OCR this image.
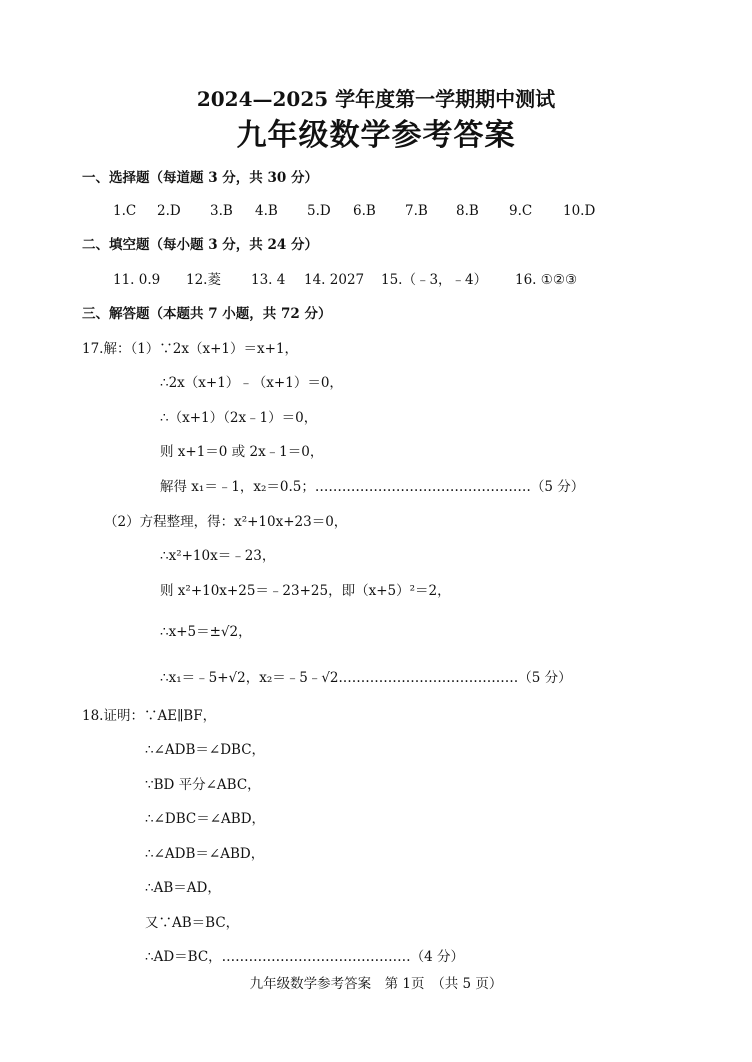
2024—2025 学年度第一学期期中测试
九年级数学参考答案
一、选择题（每道题 3 分，共 30 分）
1.C 2.D 3.B 4.B 5.D 6.B 7.B 8.B 9.C 10.D
二、填空题（每小题 3 分，共 24 分）
11. 0.9 12.菱 13. 4 14. 2027 15.（﹣3，﹣4） 16. ①②③
三、解答题（本题共 7 小题，共 72 分）
17.解：（1）∵2x（x+1）＝x+1，
∴2x（x+1）﹣（x+1）＝0，
∴（x+1）（2x﹣1）＝0，
则 x+1＝0 或 2x﹣1＝0，
解得 x₁＝﹣1，x₂＝0.5；…………………………………………（5 分）
（2）方程整理，得：x²+10x+23＝0，
∴x²+10x＝﹣23，
则 x²+10x+25＝﹣23+25，即（x+5）²＝2，
∴x+5＝±√2，
∴x₁＝﹣5+√2，x₂＝﹣5﹣√2.…………………………………（5 分）
18.证明：∵AE∥BF，
∴∠ADB＝∠DBC，
∵BD 平分∠ABC，
∴∠DBC＝∠ABD，
∴∠ADB＝∠ABD，
∴AB＝AD，
又∵AB＝BC，
∴AD＝BC，……………………………………（4 分）
九年级数学参考答案　第 1页　（共 5 页）
